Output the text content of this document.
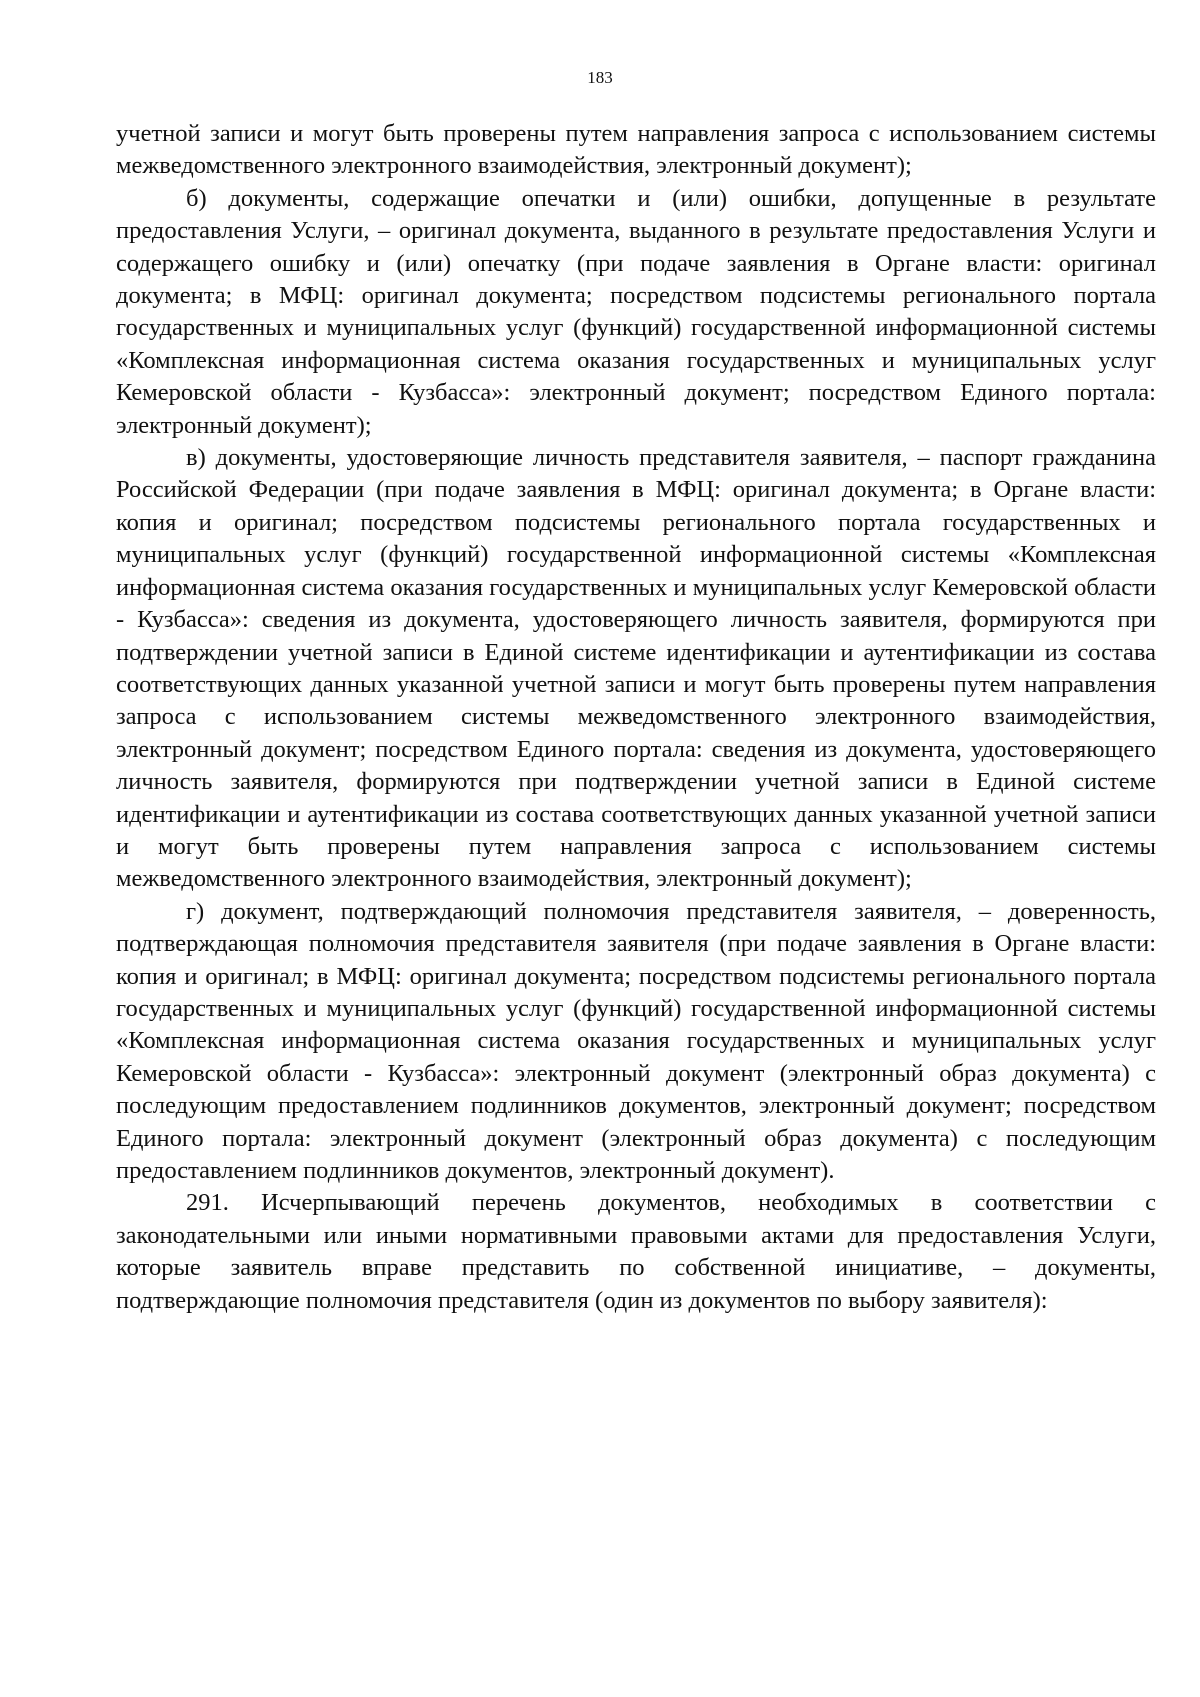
183

учетной записи и могут быть проверены путем направления запроса с использованием системы межведомственного электронного взаимодействия, электронный документ);

б) документы, содержащие опечатки и (или) ошибки, допущенные в результате предоставления Услуги, – оригинал документа, выданного в результате предоставления Услуги и содержащего ошибку и (или) опечатку (при подаче заявления в Органе власти: оригинал документа; в МФЦ: оригинал документа; посредством подсистемы регионального портала государственных и муниципальных услуг (функций) государственной информационной системы «Комплексная информационная система оказания государственных и муниципальных услуг Кемеровской области - Кузбасса»: электронный документ; посредством Единого портала: электронный документ);

в) документы, удостоверяющие личность представителя заявителя, – паспорт гражданина Российской Федерации (при подаче заявления в МФЦ: оригинал документа; в Органе власти: копия и оригинал; посредством подсистемы регионального портала государственных и муниципальных услуг (функций) государственной информационной системы «Комплексная информационная система оказания государственных и муниципальных услуг Кемеровской области - Кузбасса»: сведения из документа, удостоверяющего личность заявителя, формируются при подтверждении учетной записи в Единой системе идентификации и аутентификации из состава соответствующих данных указанной учетной записи и могут быть проверены путем направления запроса с использованием системы межведомственного электронного взаимодействия, электронный документ; посредством Единого портала: сведения из документа, удостоверяющего личность заявителя, формируются при подтверждении учетной записи в Единой системе идентификации и аутентификации из состава соответствующих данных указанной учетной записи и могут быть проверены путем направления запроса с использованием системы межведомственного электронного взаимодействия, электронный документ);

г) документ, подтверждающий полномочия представителя заявителя, – доверенность, подтверждающая полномочия представителя заявителя (при подаче заявления в Органе власти: копия и оригинал; в МФЦ: оригинал документа; посредством подсистемы регионального портала государственных и муниципальных услуг (функций) государственной информационной системы «Комплексная информационная система оказания государственных и муниципальных услуг Кемеровской области - Кузбасса»: электронный документ (электронный образ документа) с последующим предоставлением подлинников документов, электронный документ; посредством Единого портала: электронный документ (электронный образ документа) с последующим предоставлением подлинников документов, электронный документ).

291. Исчерпывающий перечень документов, необходимых в соответствии с законодательными или иными нормативными правовыми актами для предоставления Услуги, которые заявитель вправе представить по собственной инициативе, – документы, подтверждающие полномочия представителя (один из документов по выбору заявителя):
